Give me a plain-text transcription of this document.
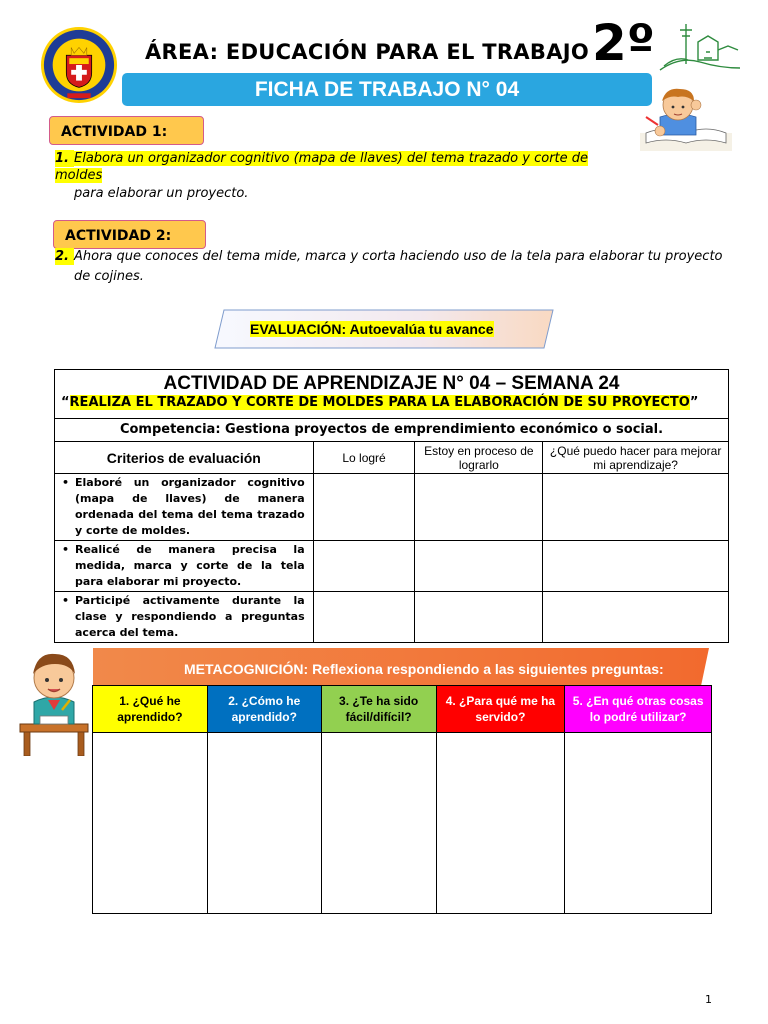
ÁREA: EDUCACIÓN PARA EL TRABAJO 2º
FICHA DE TRABAJO N° 04
ACTIVIDAD 1:
1. Elabora un organizador cognitivo (mapa de llaves) del tema trazado y corte de moldes
para elaborar un proyecto.
ACTIVIDAD 2:
2. Ahora que conoces del tema mide, marca y corta haciendo uso de la tela para elaborar tu proyecto
de cojines.
EVALUACIÓN: Autoevalúa tu avance
ACTIVIDAD DE APRENDIZAJE N° 04 – SEMANA 24
“REALIZA EL TRAZADO Y CORTE DE MOLDES PARA LA ELABORACIÓN DE SU PROYECTO”			

Competencia: Gestiona proyectos de emprendimiento económico o social.			
Criterios de evaluación	Lo logré	Estoy en proceso de lograrlo	¿Qué puedo hacer para mejorar mi aprendizaje?

• Elaboré un organizador cognitivo (mapa de llaves) de manera ordenada del tema del tema trazado y corte de moldes.			

• Realicé de manera precisa la medida, marca y corte de la tela para elaborar mi proyecto.			

• Participé activamente durante la clase y respondiendo a preguntas acerca del tema.			
METACOGNICIÓN: Reflexiona respondiendo a las siguientes preguntas:
1. ¿Qué he aprendido?	2. ¿Cómo he aprendido?	3. ¿Te ha sido fácil/difícil?	4. ¿Para qué me ha servido?	5. ¿En qué otras cosas lo podré utilizar?

1
